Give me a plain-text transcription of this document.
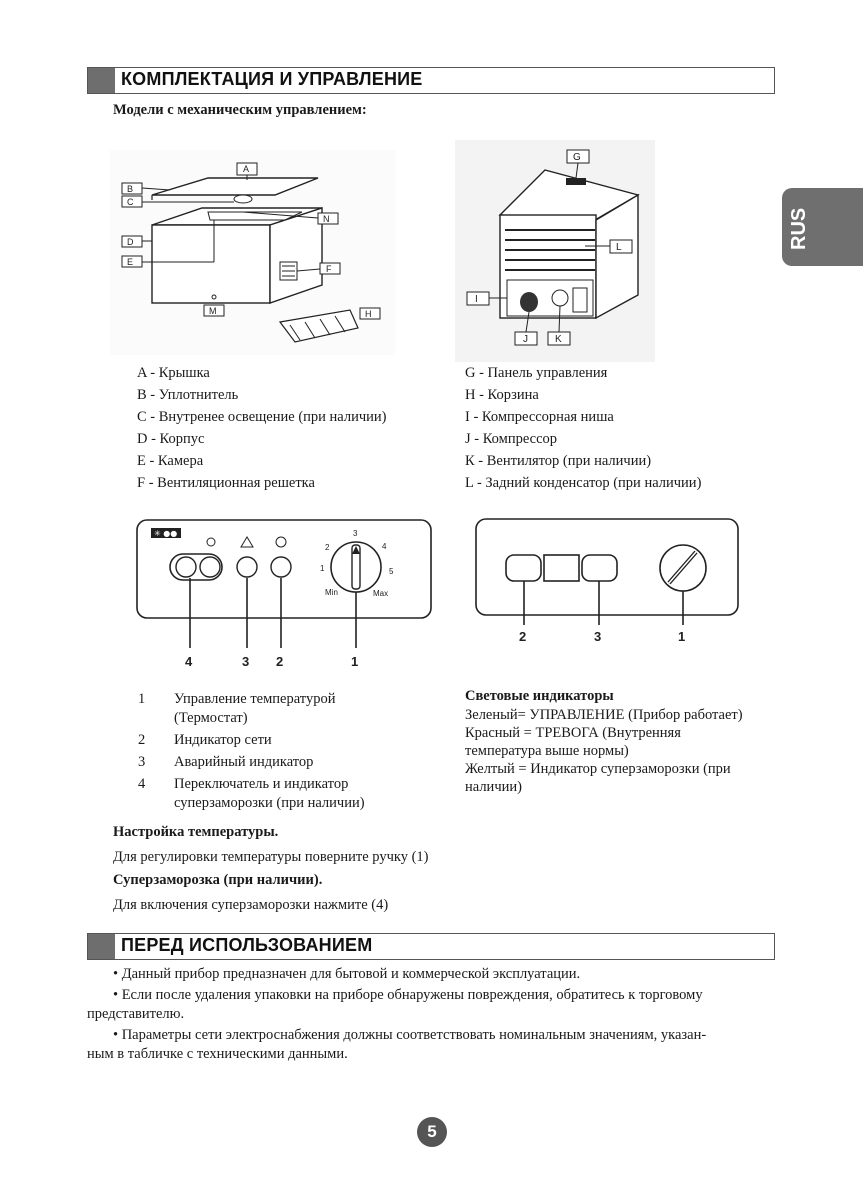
RUS
КОМПЛЕКТАЦИЯ И УПРАВЛЕНИЕ
Модели с механическим управлением:
A
B
C
D
E
N
F
M	H
G
L
I
J	K
A - Крышка
B - Уплотнитель
C - Внутренее освещение (при наличии)
D - Корпус
E - Камера
F - Вентиляционная решетка
G - Панель управления
H - Корзина
I - Компрессорная ниша
J - Компрессор
К - Вентилятор (при наличии)
L - Задний конденсатор (при наличии)
✳ ●●
1
2
3
4
5
Min	Max
4	3 2	1
2	3	1
1 Управление температурой
(Термостат)
2 Индикатор сети
3 Аварийный индикатор
4 Переключатель и индикатор
суперзаморозки (при наличии)
Световые индикаторы
Зеленый= УПРАВЛЕНИЕ (Прибор работает)
Красный = ТРЕВОГА (Внутренняя
температура выше нормы)
Желтый = Индикатор суперзаморозки (при
наличии)
Настройка температуры.
Для регулировки температуры поверните ручку (1)
Суперзаморозка (при наличии).
Для включения суперзаморозки нажмите (4)
ПЕРЕД ИСПОЛЬЗОВАНИЕМ
• Данный прибор предназначен для бытовой и коммерческой эксплуатации.
• Если после удаления упаковки на приборе обнаружены повреждения, обратитесь к торговому
представителю.
• Параметры сети электроснабжения должны соответствовать номинальным значениям, указан-
ным в табличке с техническими данными.
5
